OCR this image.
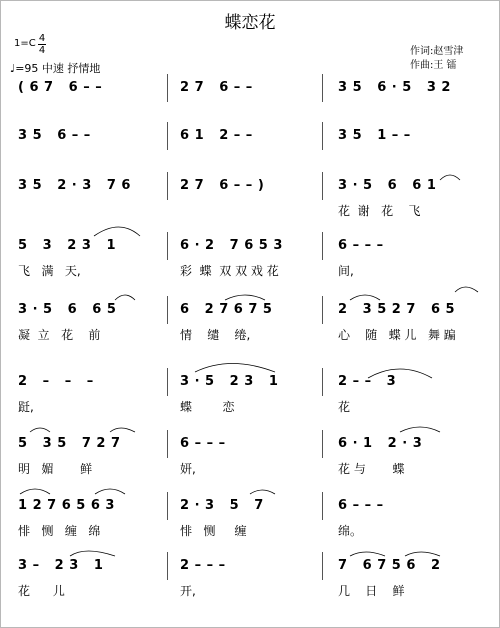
蝶恋花
作词:赵雪津
作曲:王 镭
1=C 4
4
♩=95 中速 抒情地
( 6 7   6 – –	2 7   6 – –	3 5   6 · 5   3 2
3 5   6 – –	6 1   2 – –	3 5   1 – –
3 5   2 · 3   7 6	2 7   6 – – )	3 · 5   6   6 1
花  谢   花    飞
5   3   2 3   1
飞   满   天,
6 · 2   7 6 5 3
彩  蝶  双 双 戏 花
6 – – –
间,
3 · 5   6   6 5
凝  立   花    前
6   2 7 6 7 5
情    缱    绻,
2   3 5 2 7   6 5
心    随   蝶 儿   舞 蹁
2   –   –   –
跹,
3 · 5   2 3   1
蝶        恋
2 – –   3
花
5   3 5   7 2 7
明   媚       鲜
6 – – –
妍,
6 · 1   2 · 3
花 与       蝶
1 2 7 6 5 6 3
悱   恻   缠   绵
2 · 3   5   7
悱   恻     缠
6 – – –
绵。
3 –   2 3   1
花      儿
2 – – –
开,
7   6 7 5 6   2
几    日    鲜
